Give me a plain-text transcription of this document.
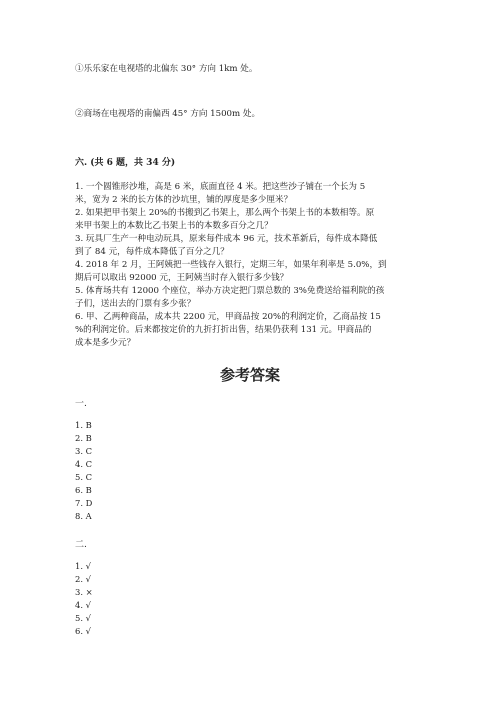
①乐乐家在电视塔的北偏东 30° 方向 1km 处。
②商场在电视塔的南偏西 45° 方向 1500m 处。
六. (共 6 题，共 34 分)
1. 一个圆锥形沙堆，高是 6 米，底面直径 4 米。把这些沙子铺在一个长为 5
米，宽为 2 米的长方体的沙坑里，铺的厚度是多少厘米？
2. 如果把甲书架上 20%的书搬到乙书架上，那么两个书架上书的本数相等。原
来甲书架上的本数比乙书架上书的本数多百分之几？
3. 玩具厂生产一种电动玩具，原来每件成本 96 元，技术革新后，每件成本降低
到了 84 元，每件成本降低了百分之几？
4. 2018 年 2 月，王阿姨把一些钱存入银行，定期三年，如果年利率是 5.0%，到
期后可以取出 92000 元，王阿姨当时存入银行多少钱？
5. 体育场共有 12000 个座位，举办方决定把门票总数的 3%免费送给福利院的孩
子们，送出去的门票有多少张？
6. 甲、乙两种商品，成本共 2200 元，甲商品按 20%的利润定价，乙商品按 15
%的利润定价。后来都按定价的九折打折出售，结果仍获利 131 元。甲商品的
成本是多少元？
参考答案
一.
1. B
2. B
3. C
4. C
5. C
6. B
7. D
8. A
二.
1. √
2. √
3. ×
4. √
5. √
6. √
